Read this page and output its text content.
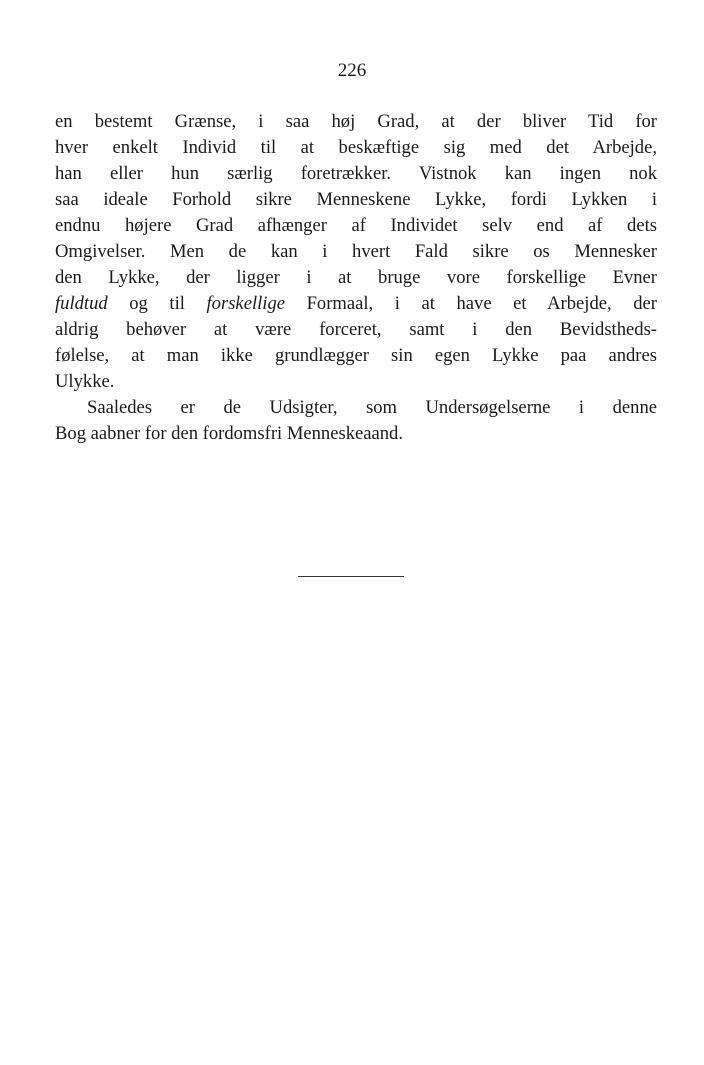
226
en bestemt Grænse, i saa høj Grad, at der bliver Tid for
hver enkelt Individ til at beskæftige sig med det Arbejde,
han eller hun særlig foretrækker. Vistnok kan ingen nok
saa ideale Forhold sikre Menneskene Lykke, fordi Lykken i
endnu højere Grad afhænger af Individet selv end af dets
Omgivelser. Men de kan i hvert Fald sikre os Mennesker
den Lykke, der ligger i at bruge vore forskellige Evner
fuldtud og til forskellige Formaal, i at have et Arbejde, der
aldrig behøver at være forceret, samt i den Bevidstheds-
følelse, at man ikke grundlægger sin egen Lykke paa andres
Ulykke.
Saaledes er de Udsigter, som Undersøgelserne i denne
Bog aabner for den fordomsfri Menneskeaand.
